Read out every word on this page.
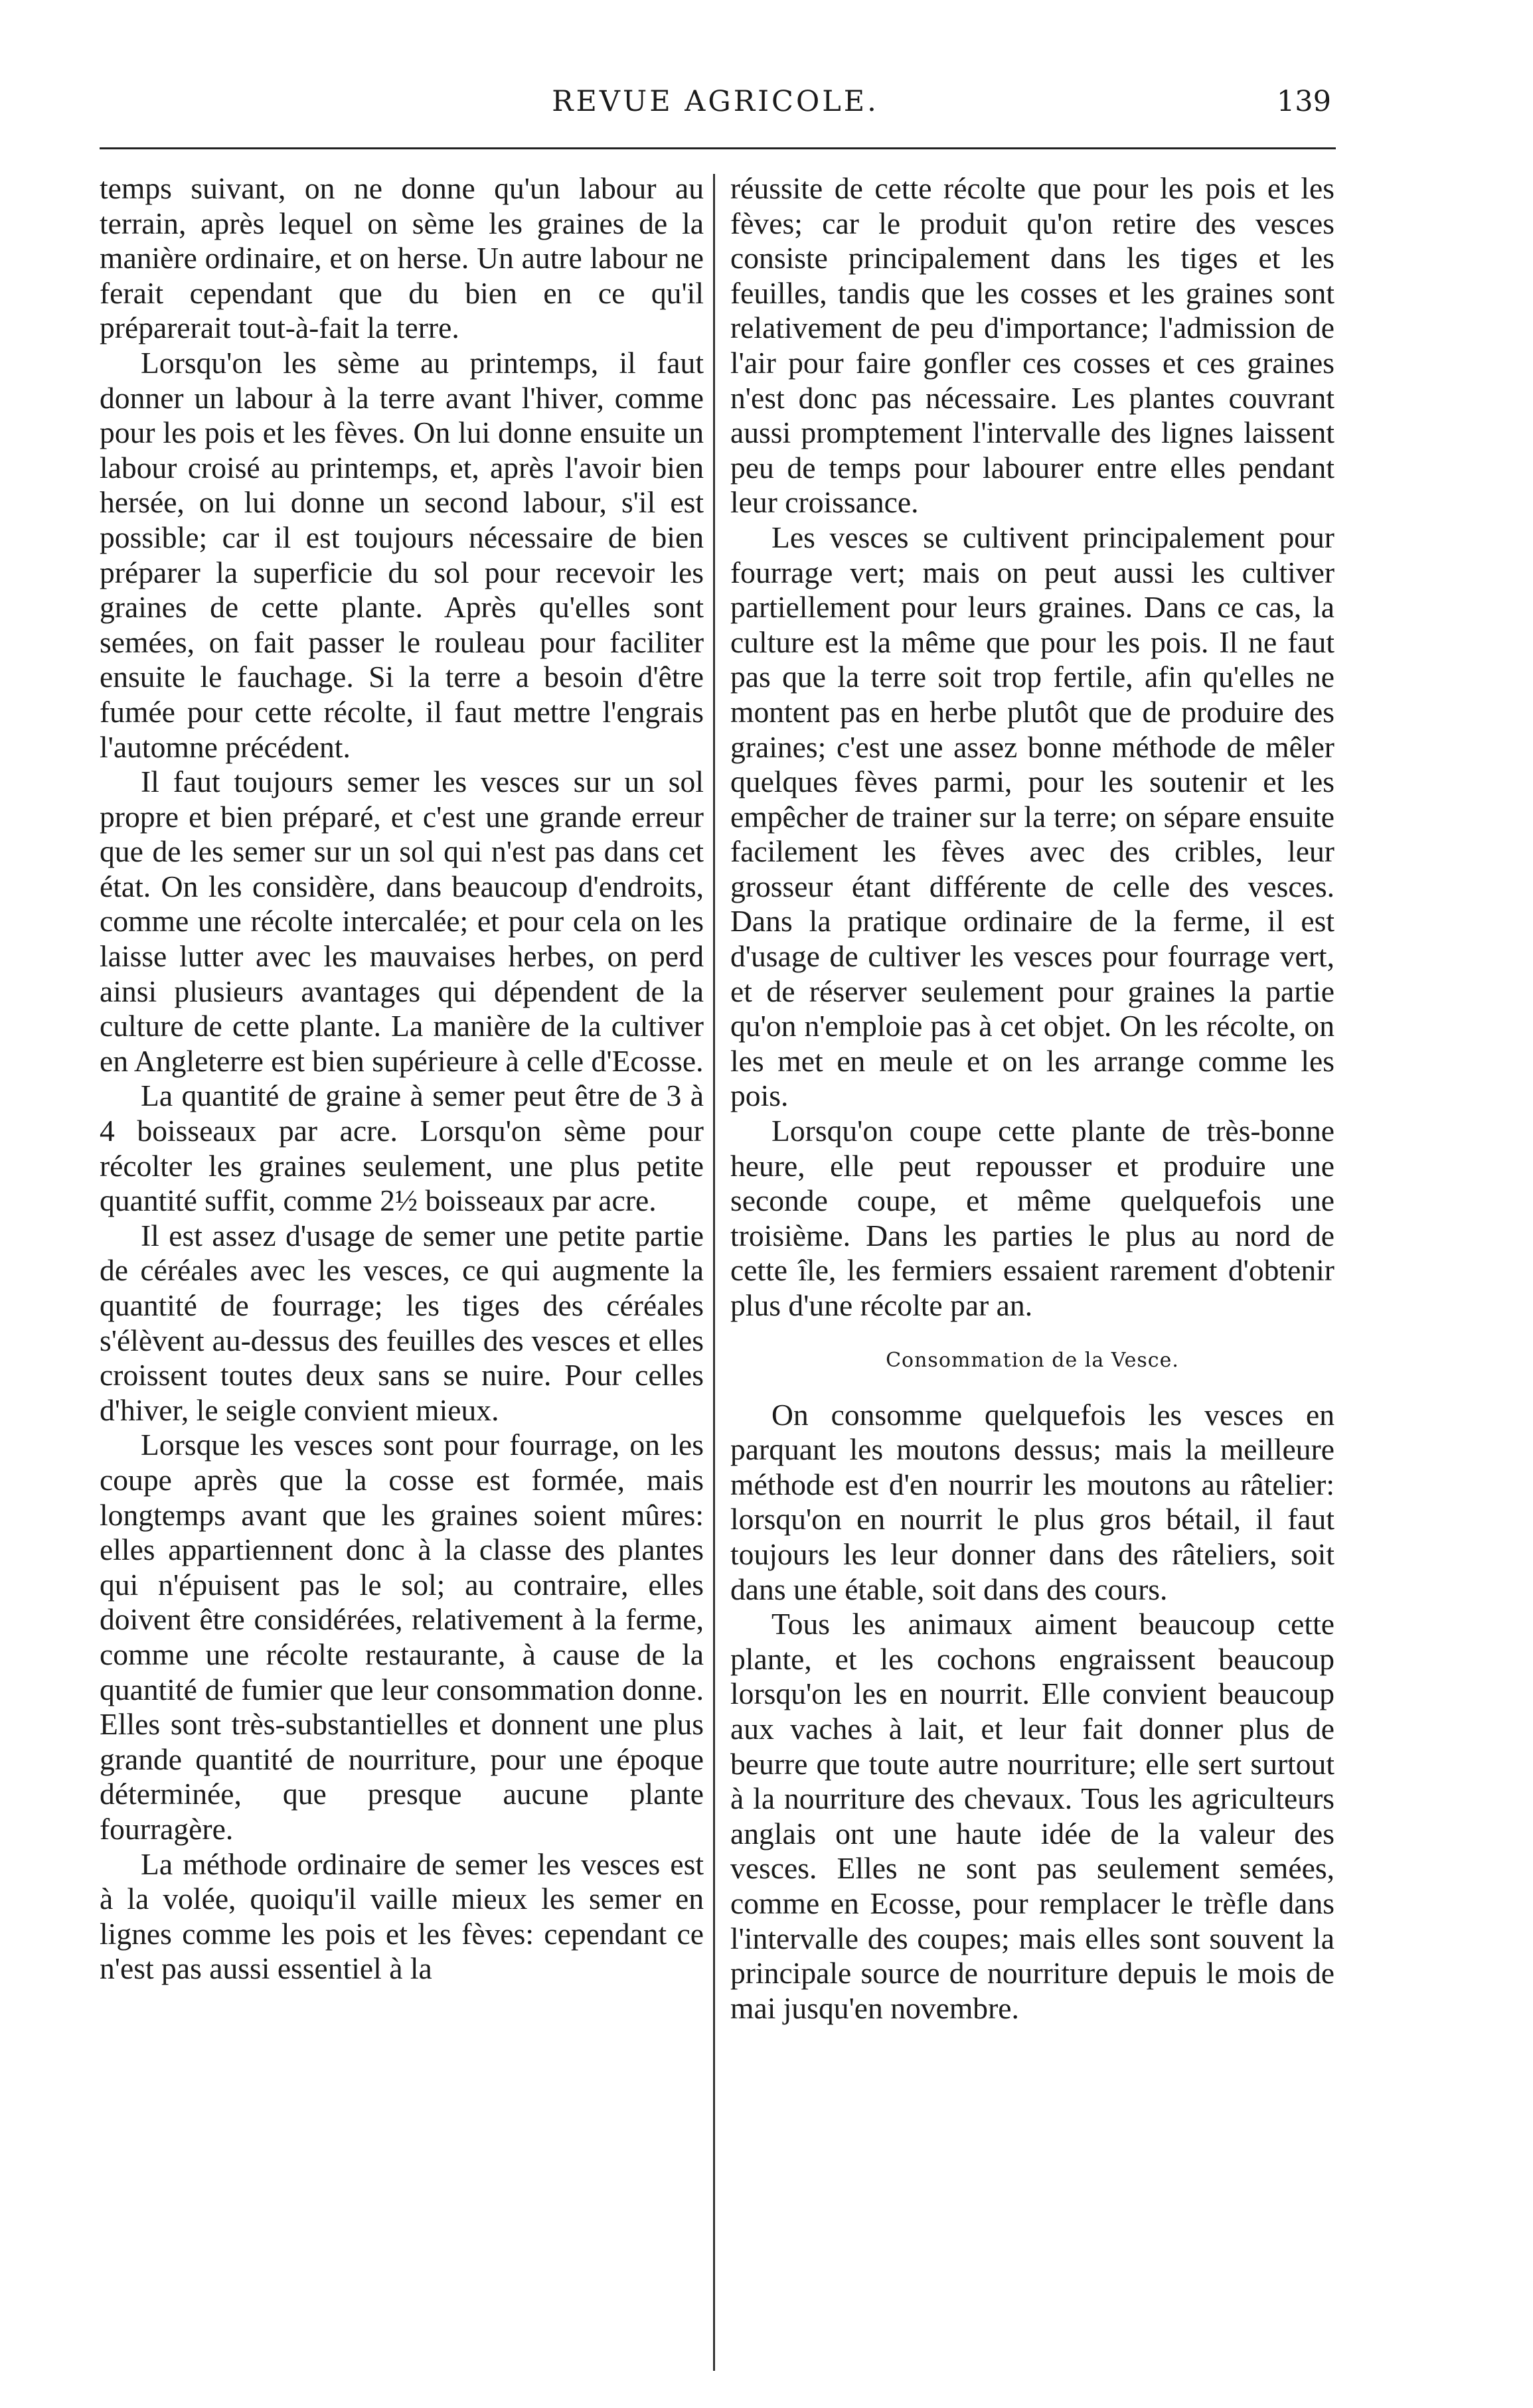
REVUE AGRICOLE.	139

temps suivant, on ne donne qu'un labour au terrain, après lequel on sème les graines de la manière ordinaire, et on herse. Un autre labour ne ferait cependant que du bien en ce qu'il préparerait tout-à-fait la terre.

Lorsqu'on les sème au printemps, il faut donner un labour à la terre avant l'hiver, comme pour les pois et les fèves. On lui donne ensuite un labour croisé au printemps, et, après l'avoir bien hersée, on lui donne un second labour, s'il est possible; car il est toujours nécessaire de bien préparer la superficie du sol pour recevoir les graines de cette plante. Après qu'elles sont semées, on fait passer le rouleau pour faciliter ensuite le fauchage. Si la terre a besoin d'être fumée pour cette récolte, il faut mettre l'engrais l'automne précédent.

Il faut toujours semer les vesces sur un sol propre et bien préparé, et c'est une grande erreur que de les semer sur un sol qui n'est pas dans cet état. On les considère, dans beaucoup d'endroits, comme une récolte intercalée; et pour cela on les laisse lutter avec les mauvaises herbes, on perd ainsi plusieurs avantages qui dépendent de la culture de cette plante. La manière de la cultiver en Angleterre est bien supérieure à celle d'Ecosse.

La quantité de graine à semer peut être de 3 à 4 boisseaux par acre. Lorsqu'on sème pour récolter les graines seulement, une plus petite quantité suffit, comme 2½ boisseaux par acre.

Il est assez d'usage de semer une petite partie de céréales avec les vesces, ce qui augmente la quantité de fourrage; les tiges des céréales s'élèvent au-dessus des feuilles des vesces et elles croissent toutes deux sans se nuire. Pour celles d'hiver, le seigle convient mieux.

Lorsque les vesces sont pour fourrage, on les coupe après que la cosse est formée, mais longtemps avant que les graines soient mûres: elles appartiennent donc à la classe des plantes qui n'épuisent pas le sol; au contraire, elles doivent être considérées, relativement à la ferme, comme une récolte restaurante, à cause de la quantité de fumier que leur consommation donne. Elles sont très-substantielles et donnent une plus grande quantité de nourriture, pour une époque déterminée, que presque aucune plante fourragère.

La méthode ordinaire de semer les vesces est à la volée, quoiqu'il vaille mieux les semer en lignes comme les pois et les fèves: cependant ce n'est pas aussi essentiel à la

réussite de cette récolte que pour les pois et les fèves; car le produit qu'on retire des vesces consiste principalement dans les tiges et les feuilles, tandis que les cosses et les graines sont relativement de peu d'importance; l'admission de l'air pour faire gonfler ces cosses et ces graines n'est donc pas nécessaire. Les plantes couvrant aussi promptement l'intervalle des lignes laissent peu de temps pour labourer entre elles pendant leur croissance.

Les vesces se cultivent principalement pour fourrage vert; mais on peut aussi les cultiver partiellement pour leurs graines. Dans ce cas, la culture est la même que pour les pois. Il ne faut pas que la terre soit trop fertile, afin qu'elles ne montent pas en herbe plutôt que de produire des graines; c'est une assez bonne méthode de mêler quelques fèves parmi, pour les soutenir et les empêcher de trainer sur la terre; on sépare ensuite facilement les fèves avec des cribles, leur grosseur étant différente de celle des vesces. Dans la pratique ordinaire de la ferme, il est d'usage de cultiver les vesces pour fourrage vert, et de réserver seulement pour graines la partie qu'on n'emploie pas à cet objet. On les récolte, on les met en meule et on les arrange comme les pois.

Lorsqu'on coupe cette plante de très-bonne heure, elle peut repousser et produire une seconde coupe, et même quelquefois une troisième. Dans les parties le plus au nord de cette île, les fermiers essaient rarement d'obtenir plus d'une récolte par an.

Consommation de la Vesce.

On consomme quelquefois les vesces en parquant les moutons dessus; mais la meilleure méthode est d'en nourrir les moutons au râtelier: lorsqu'on en nourrit le plus gros bétail, il faut toujours les leur donner dans des râteliers, soit dans une étable, soit dans des cours.

Tous les animaux aiment beaucoup cette plante, et les cochons engraissent beaucoup lorsqu'on les en nourrit. Elle convient beaucoup aux vaches à lait, et leur fait donner plus de beurre que toute autre nourriture; elle sert surtout à la nourriture des chevaux. Tous les agriculteurs anglais ont une haute idée de la valeur des vesces. Elles ne sont pas seulement semées, comme en Ecosse, pour remplacer le trèfle dans l'intervalle des coupes; mais elles sont souvent la principale source de nourriture depuis le mois de mai jusqu'en novembre.
